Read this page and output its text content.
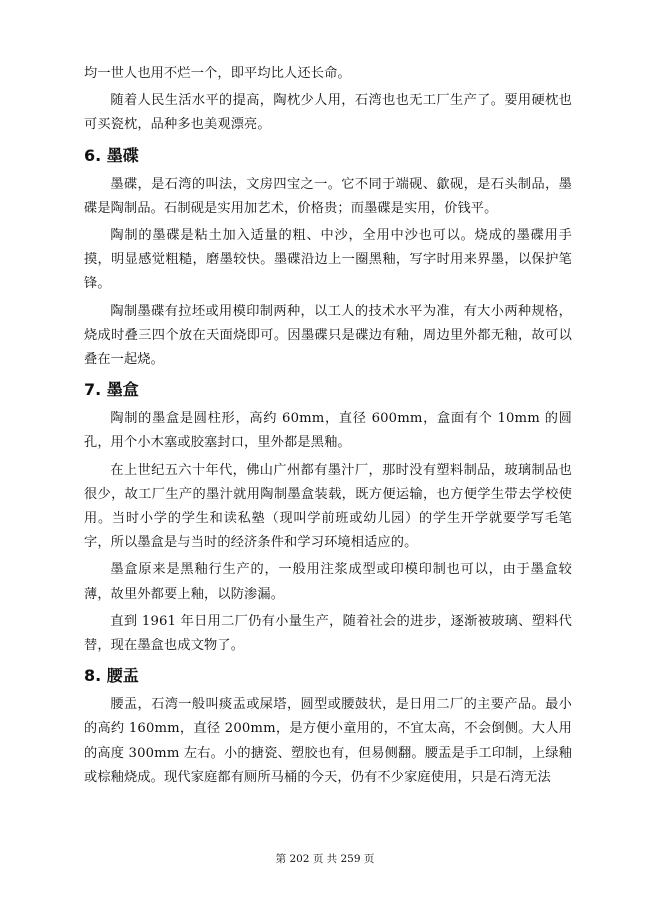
均一世人也用不烂一个，即平均比人还长命。

随着人民生活水平的提高，陶枕少人用，石湾也也无工厂生产了。要用硬枕也可买瓷枕，品种多也美观漂亮。

6. 墨碟

墨碟，是石湾的叫法，文房四宝之一。它不同于端砚、歙砚，是石头制品，墨碟是陶制品。石制砚是实用加艺术，价格贵；而墨碟是实用，价钱平。

陶制的墨碟是粘土加入适量的粗、中沙，全用中沙也可以。烧成的墨碟用手摸，明显感觉粗糙，磨墨较快。墨碟沿边上一圈黑釉，写字时用来界墨，以保护笔锋。

陶制墨碟有拉坯或用模印制两种，以工人的技术水平为准，有大小两种规格，烧成时叠三四个放在天面烧即可。因墨碟只是碟边有釉，周边里外都无釉，故可以叠在一起烧。

7. 墨盒

陶制的墨盒是圆柱形，高约 60mm，直径 600mm，盒面有个 10mm 的圆孔，用个小木塞或胶塞封口，里外都是黑釉。

在上世纪五六十年代，佛山广州都有墨汁厂，那时没有塑料制品，玻璃制品也很少，故工厂生产的墨汁就用陶制墨盒装载，既方便运输，也方便学生带去学校使用。当时小学的学生和读私塾（现叫学前班或幼儿园）的学生开学就要学写毛笔字，所以墨盒是与当时的经济条件和学习环境相适应的。

墨盒原来是黑釉行生产的，一般用注浆成型或印模印制也可以，由于墨盒较薄，故里外都要上釉，以防渗漏。

直到 1961 年日用二厂仍有小量生产，随着社会的进步，逐渐被玻璃、塑料代替，现在墨盒也成文物了。

8. 腰盂

腰盂，石湾一般叫痰盂或屎塔，圆型或腰鼓状，是日用二厂的主要产品。最小的高约 160mm，直径 200mm，是方便小童用的，不宜太高，不会倒侧。大人用的高度 300mm 左右。小的搪瓷、塑胶也有，但易侧翻。腰盂是手工印制，上绿釉或棕釉烧成。现代家庭都有厕所马桶的今天，仍有不少家庭使用，只是石湾无法

第 202 页 共 259 页
